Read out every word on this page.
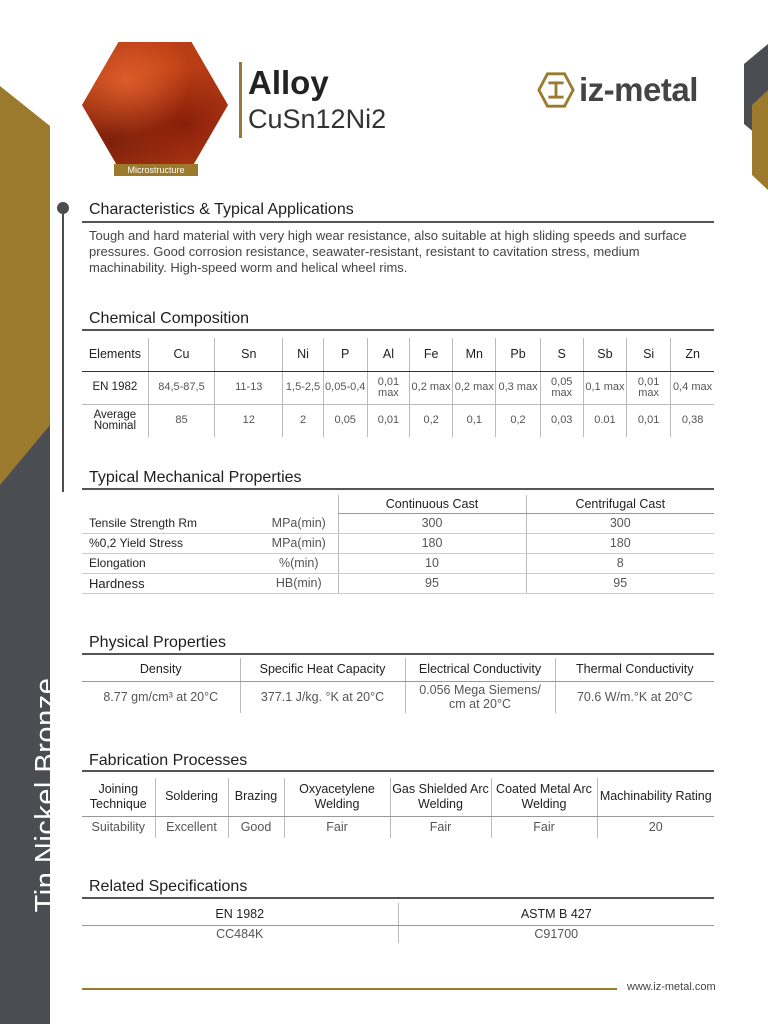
Tin Nickel Bronze
Microstructure
Alloy
CuSn12Ni2
iz-metal
Characteristics & Typical Applications
Tough and hard material with very high wear resistance, also suitable at high sliding speeds and surface pressures. Good corrosion resistance, seawater-resistant, resistant to cavitation stress, medium machinability. High-speed worm and helical wheel rims.
Chemical Composition
Elements	Cu	Sn	Ni	P	Al	Fe	Mn	Pb	S	Sb	Si	Zn
EN 1982	84,5-87,5	11-13	1,5-2,5	0,05-0,4	0,01 max	0,2 max	0,2 max	0,3 max	0,05 max	0,1 max	0,01 max	0,4 max
Average Nominal	85	12	2	0,05	0,01	0,2	0,1	0,2	0,03	0.01	0,01	0,38
Typical Mechanical Properties
		Continuous Cast	Centrifugal Cast
Tensile Strength Rm	MPa(min)	300	300
%0,2 Yield Stress	MPa(min)	180	180
Elongation	%(min)	10	8
Hardness	HB(min)	95	95
Physical Properties
Density	Specific Heat Capacity	Electrical Conductivity	Thermal Conductivity
8.77 gm/cm³ at 20°C	377.1 J/kg. °K at 20°C	0.056 Mega Siemens/ cm at 20°C	70.6 W/m.°K at 20°C
Fabrication Processes
Joining Technique	Soldering	Brazing	Oxyacetylene Welding	Gas Shielded Arc Welding	Coated Metal Arc Welding	Machinability Rating
Suitability	Excellent	Good	Fair	Fair	Fair	20
Related Specifications
EN 1982	ASTM B 427
CC484K	C91700
www.iz-metal.com
